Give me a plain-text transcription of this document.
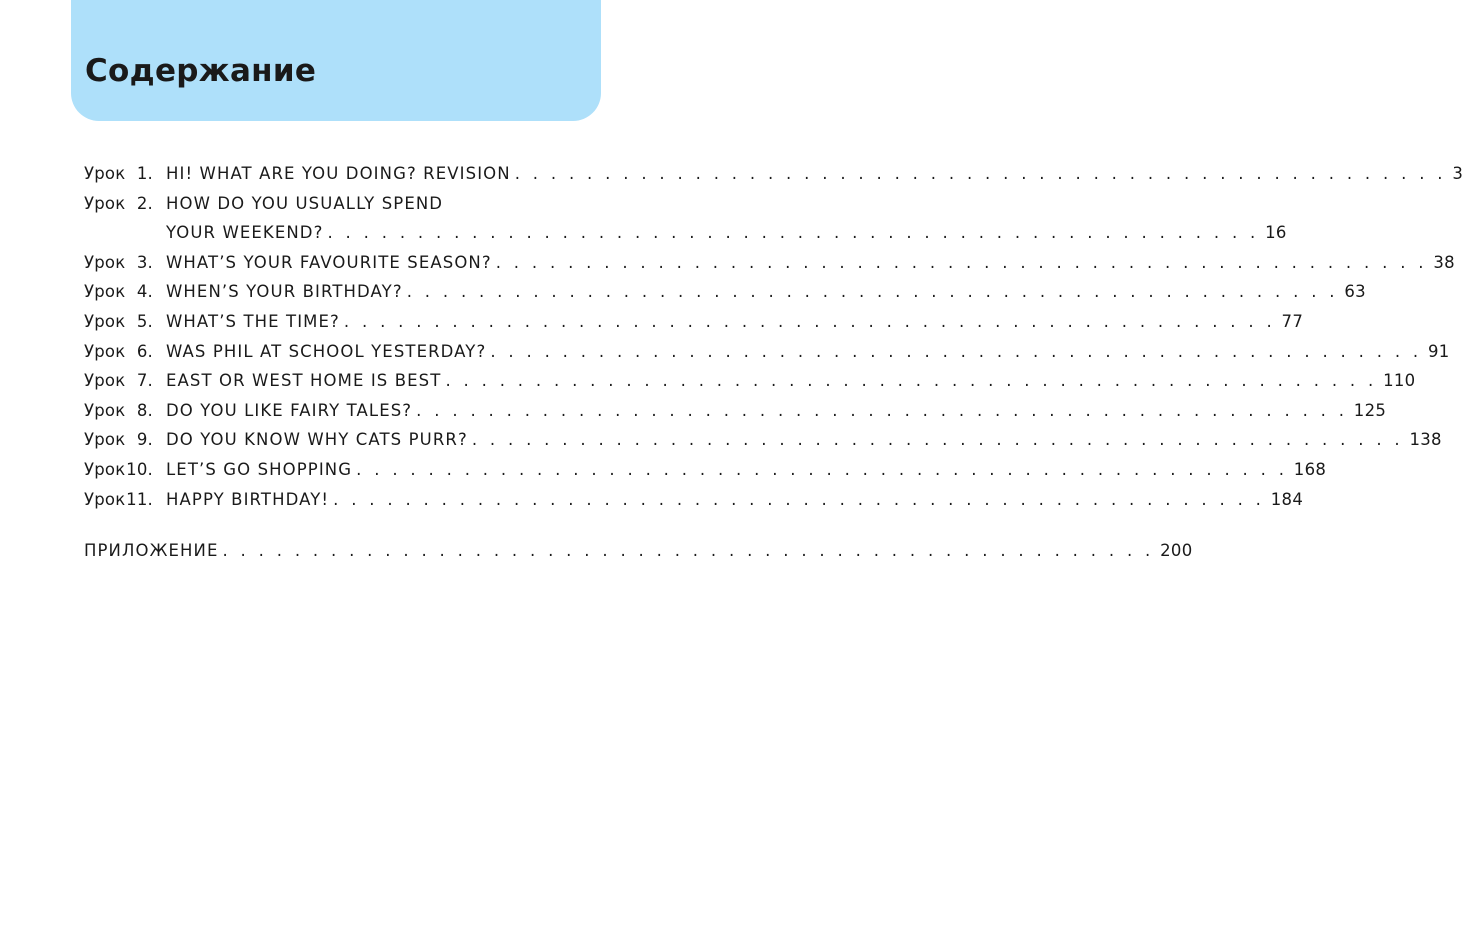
Содержание
Урок 1. HI! WHAT ARE YOU DOING? REVISION . . . . . . . . . . . . . . . . . . . . . . . . . . . . . . . . . . . . . . . . . . . . . . . . . . . . 3
Урок 2. HOW DO YOU USUALLY SPEND
YOUR WEEKEND? . . . . . . . . . . . . . . . . . . . . . . . . . . . . . . . . . . . . . . . . . . . . . . . . . . . . 16
Урок 3. WHAT’S YOUR FAVOURITE SEASON? . . . . . . . . . . . . . . . . . . . . . . . . . . . . . . . . . . . . . . . . . . . . . . . . . . . . 38
Урок 4. WHEN’S YOUR BIRTHDAY? . . . . . . . . . . . . . . . . . . . . . . . . . . . . . . . . . . . . . . . . . . . . . . . . . . . . 63
Урок 5. WHAT’S THE TIME? . . . . . . . . . . . . . . . . . . . . . . . . . . . . . . . . . . . . . . . . . . . . . . . . . . . . 77
Урок 6. WAS PHIL AT SCHOOL YESTERDAY? . . . . . . . . . . . . . . . . . . . . . . . . . . . . . . . . . . . . . . . . . . . . . . . . . . . . 91
Урок 7. EAST OR WEST HOME IS BEST . . . . . . . . . . . . . . . . . . . . . . . . . . . . . . . . . . . . . . . . . . . . . . . . . . . . 110
Урок 8. DO YOU LIKE FAIRY TALES? . . . . . . . . . . . . . . . . . . . . . . . . . . . . . . . . . . . . . . . . . . . . . . . . . . . . 125
Урок 9. DO YOU KNOW WHY CATS PURR? . . . . . . . . . . . . . . . . . . . . . . . . . . . . . . . . . . . . . . . . . . . . . . . . . . . . 138
Урок 10. LET’S GO SHOPPING . . . . . . . . . . . . . . . . . . . . . . . . . . . . . . . . . . . . . . . . . . . . . . . . . . . . 168
Урок 11. HAPPY BIRTHDAY! . . . . . . . . . . . . . . . . . . . . . . . . . . . . . . . . . . . . . . . . . . . . . . . . . . . . 184
ПРИЛОЖЕНИЕ . . . . . . . . . . . . . . . . . . . . . . . . . . . . . . . . . . . . . . . . . . . . . . . . . . . . 200
